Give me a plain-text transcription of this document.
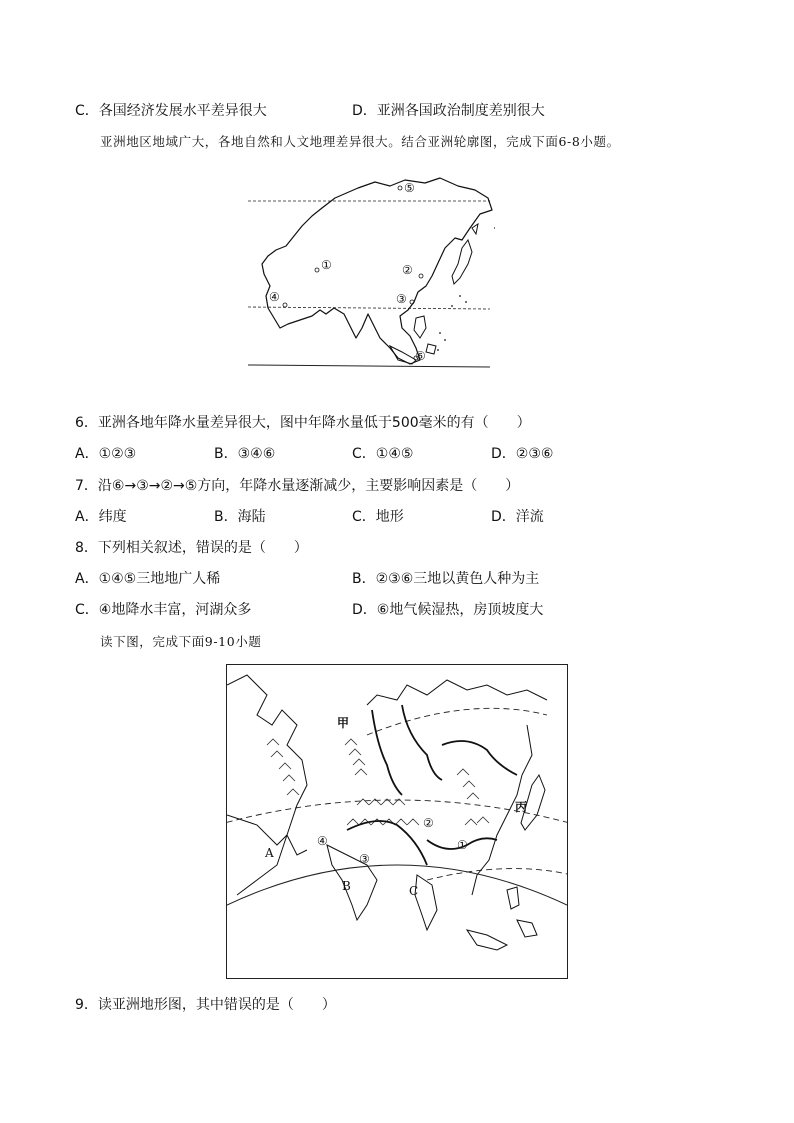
C．各国经济发展水平差异很大	D．亚洲各国政治制度差别很大
亚洲地区地域广大，各地自然和人文地理差异很大。结合亚洲轮廓图，完成下面6-8小题。
①	②
③
④
⑤
⑥
6．亚洲各地年降水量差异很大，图中年降水量低于500毫米的有（　　）
A．①②③	B．③④⑥	C．①④⑤	D．②③⑥
7．沿⑥→③→②→⑤方向，年降水量逐渐减少，主要影响因素是（　　）
A．纬度	B．海陆	C．地形	D．洋流
8．下列相关叙述，错误的是（　　）
A．①④⑤三地地广人稀	B．②③⑥三地以黄色人种为主
C．④地降水丰富，河湖众多	D．⑥地气候湿热，房顶坡度大
读下图，完成下面9-10小题
甲
丙
A
B	C
①
②
③
④
9．读亚洲地形图，其中错误的是（　　）
